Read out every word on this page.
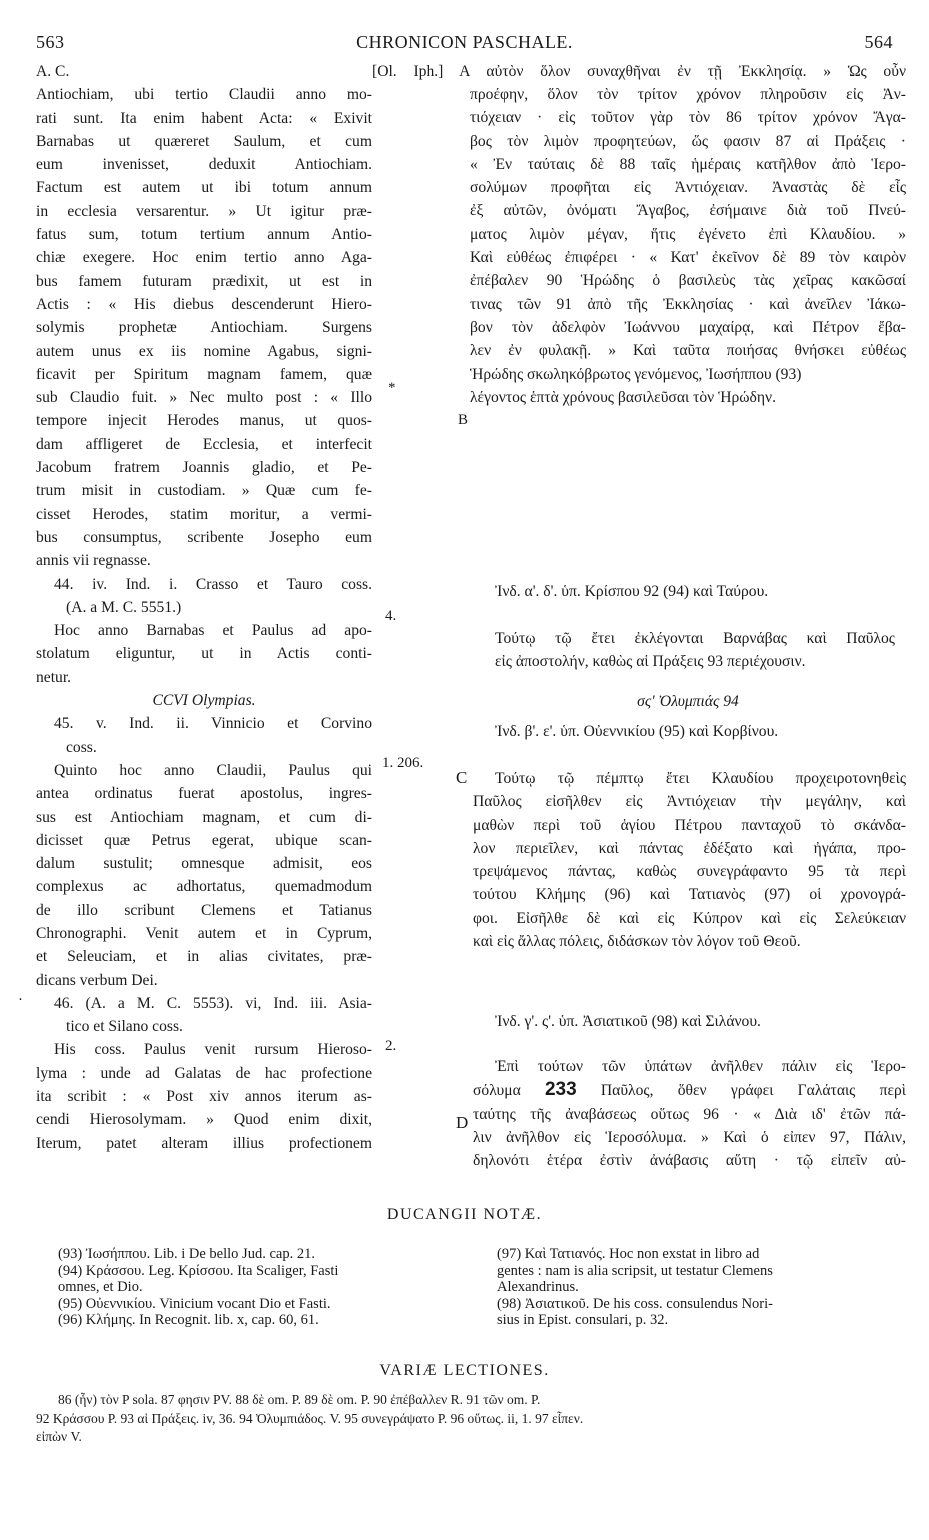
563	CHRONICON PASCHALE.	564
A. C.
Antiochiam, ubi tertio Claudii anno mo-
rati sunt. Ita enim habent Acta: « Exivit
Barnabas ut quæreret Saulum, et cum
eum invenisset, deduxit Antiochiam.
Factum est autem ut ibi totum annum
in ecclesia versarentur. » Ut igitur præ-
fatus sum, totum tertium annum Antio-
chiæ exegere. Hoc enim tertio anno Aga-
bus famem futuram prædixit, ut est in
Actis : « His diebus descenderunt Hiero-
solymis prophetæ Antiochiam. Surgens
autem unus ex iis nomine Agabus, signi-
ficavit per Spiritum magnam famem, quæ
sub Claudio fuit. » Nec multo post : « Illo
tempore injecit Herodes manus, ut quos-
dam affligeret de Ecclesia, et interfecit
Jacobum fratrem Joannis gladio, et Pe-
trum misit in custodiam. » Quæ cum fe-
cisset Herodes, statim moritur, a vermi-
bus consumptus, scribente Josepho eum
annis vii regnasse.
44. iv. Ind. i. Crasso et Tauro coss.
(A. a M. C. 5551.)
Hoc anno Barnabas et Paulus ad apo-
stolatum eliguntur, ut in Actis conti-
netur.
CCVI Olympias.
45. v. Ind. ii. Vinnicio et Corvino
coss.
Quinto hoc anno Claudii, Paulus qui
antea ordinatus fuerat apostolus, ingres-
sus est Antiochiam magnam, et cum di-
dicisset quæ Petrus egerat, ubique scan-
dalum sustulit; omnesque admisit, eos
complexus ac adhortatus, quemadmodum
de illo scribunt Clemens et Tatianus
Chronographi. Venit autem et in Cyprum,
et Seleuciam, et in alias civitates, præ-
dicans verbum Dei.
46. (A. a M. C. 5553). vi, Ind. iii. Asia-
tico et Silano coss.
His coss. Paulus venit rursum Hieroso-
lyma : unde ad Galatas de hac profectione
ita scribit : « Post xiv annos iterum as-
cendi Hierosolymam. » Quod enim dixit,
Iterum, patet alteram illius profectionem
[Ol. Iph.] A αὐτὸν ὅλον συναχθῆναι ἐν τῇ Ἐκκλησίᾳ. » Ὡς οὖν
προέφην, ὅλον τὸν τρίτον χρόνον πληροῦσιν εἰς Ἀν-
τιόχειαν · εἰς τοῦτον γὰρ τὸν 86 τρίτον χρόνον Ἄγα-
βος τὸν λιμὸν προφητεύων, ὥς φασιν 87 αἱ Πράξεις ·
« Ἐν ταύταις δὲ 88 ταῖς ἡμέραις κατῆλθον ἀπὸ Ἱερο-
σολύμων προφῆται εἰς Ἀντιόχειαν. Ἀναστὰς δὲ εἷς
ἐξ αὐτῶν, ὀνόματι Ἄγαβος, ἐσήμαινε διὰ τοῦ Πνεύ-
ματος λιμὸν μέγαν, ἥτις ἐγένετο ἐπὶ Κλαυδίου. »
Καὶ εὐθέως ἐπιφέρει · « Κατ' ἐκεῖνον δὲ 89 τὸν καιρὸν
ἐπέβαλεν 90 Ἡρώδης ὁ βασιλεὺς τὰς χεῖρας κακῶσαί
τινας τῶν 91 ἀπὸ τῆς Ἐκκλησίας · καὶ ἀνεῖλεν Ἰάκω-
βον τὸν ἀδελφὸν Ἰωάννου μαχαίρᾳ, καὶ Πέτρον ἔβα-
λεν ἐν φυλακῇ. » Καὶ ταῦτα ποιήσας θνήσκει εὐθέως
Ἡρώδης σκωληκόβρωτος γενόμενος, Ἰωσήππου (93)
λέγοντος ἑπτὰ χρόνους βασιλεῦσαι τὸν Ἡρώδην.
Ἰνδ. α'. δ'. ὑπ. Κρίσπου 92 (94) καὶ Ταύρου.
Τούτῳ τῷ ἔτει ἐκλέγονται Βαρνάβας καὶ Παῦλος
εἰς ἀποστολήν, καθὼς αἱ Πράξεις 93 περιέχουσιν.
σς' Ὀλυμπιάς 94
Ἰνδ. β'. ε'. ὑπ. Οὐεννικίου (95) καὶ Κορβίνου.
Τούτῳ τῷ πέμπτῳ ἔτει Κλαυδίου προχειροτονηθεὶς
Παῦλος εἰσῆλθεν εἰς Ἀντιόχειαν τὴν μεγάλην, καὶ
μαθὼν περὶ τοῦ ἁγίου Πέτρου πανταχοῦ τὸ σκάνδα-
λον περιεῖλεν, καὶ πάντας ἐδέξατο καὶ ἠγάπα, προ-
τρεψάμενος πάντας, καθὼς συνεγράφαντο 95 τὰ περὶ
τούτου Κλήμης (96) καὶ Τατιανὸς (97) οἱ χρονογρά-
φοι. Εἰσῆλθε δὲ καὶ εἰς Κύπρον καὶ εἰς Σελεύκειαν
καὶ εἰς ἄλλας πόλεις, διδάσκων τὸν λόγον τοῦ Θεοῦ.
Ἰνδ. γ'. ς'. ὑπ. Ἀσιατικοῦ (98) καὶ Σιλάνου.
Ἐπὶ τούτων τῶν ὑπάτων ἀνῆλθεν πάλιν εἰς Ἱερο-
σόλυμα 233 Παῦλος, ὅθεν γράφει Γαλάταις περὶ
ταύτης τῆς ἀναβάσεως οὕτως 96 · « Διὰ ιδ' ἐτῶν πά-
λιν ἀνῆλθον εἰς Ἱεροσόλυμα. » Καὶ ὁ εἰπεν 97, Πάλιν,
δηλονότι ἑτέρα ἐστὶν ἀνάβασις αὕτη · τῷ εἰπεῖν αὐ-
*
B
4.
1. 206.
C
·
2.
D
DUCANGII NOTÆ.
(93) Ἰωσήππου. Lib. i De bello Jud. cap. 21.
(94) Κράσσου. Leg. Κρίσσου. Ita Scaliger, Fasti
omnes, et Dio.
(95) Οὐεννικίου. Vinicium vocant Dio et Fasti.
(96) Κλήμης. In Recognit. lib. x, cap. 60, 61.
(97) Καὶ Τατιανός. Hoc non exstat in libro ad
gentes : nam is alia scripsit, ut testatur Clemens
Alexandrinus.
(98) Ἀσιατικοῦ. De his coss. consulendus Nori-
sius in Epist. consulari, p. 32.
VARIÆ LECTIONES.
86 (ἦν) τὸν P sola. 87 φησιν PV. 88 δὲ om. P. 89 δὲ om. P. 90 ἐπέβαλλεν R. 91 τῶν om. P.
92 Κράσσου P. 93 αἱ Πράξεις. iv, 36. 94 Ὀλυμπιάδος. V. 95 συνεγράψατο P. 96 οὕτως. ii, 1. 97 εἶπεν.
εἰπὼν V.
